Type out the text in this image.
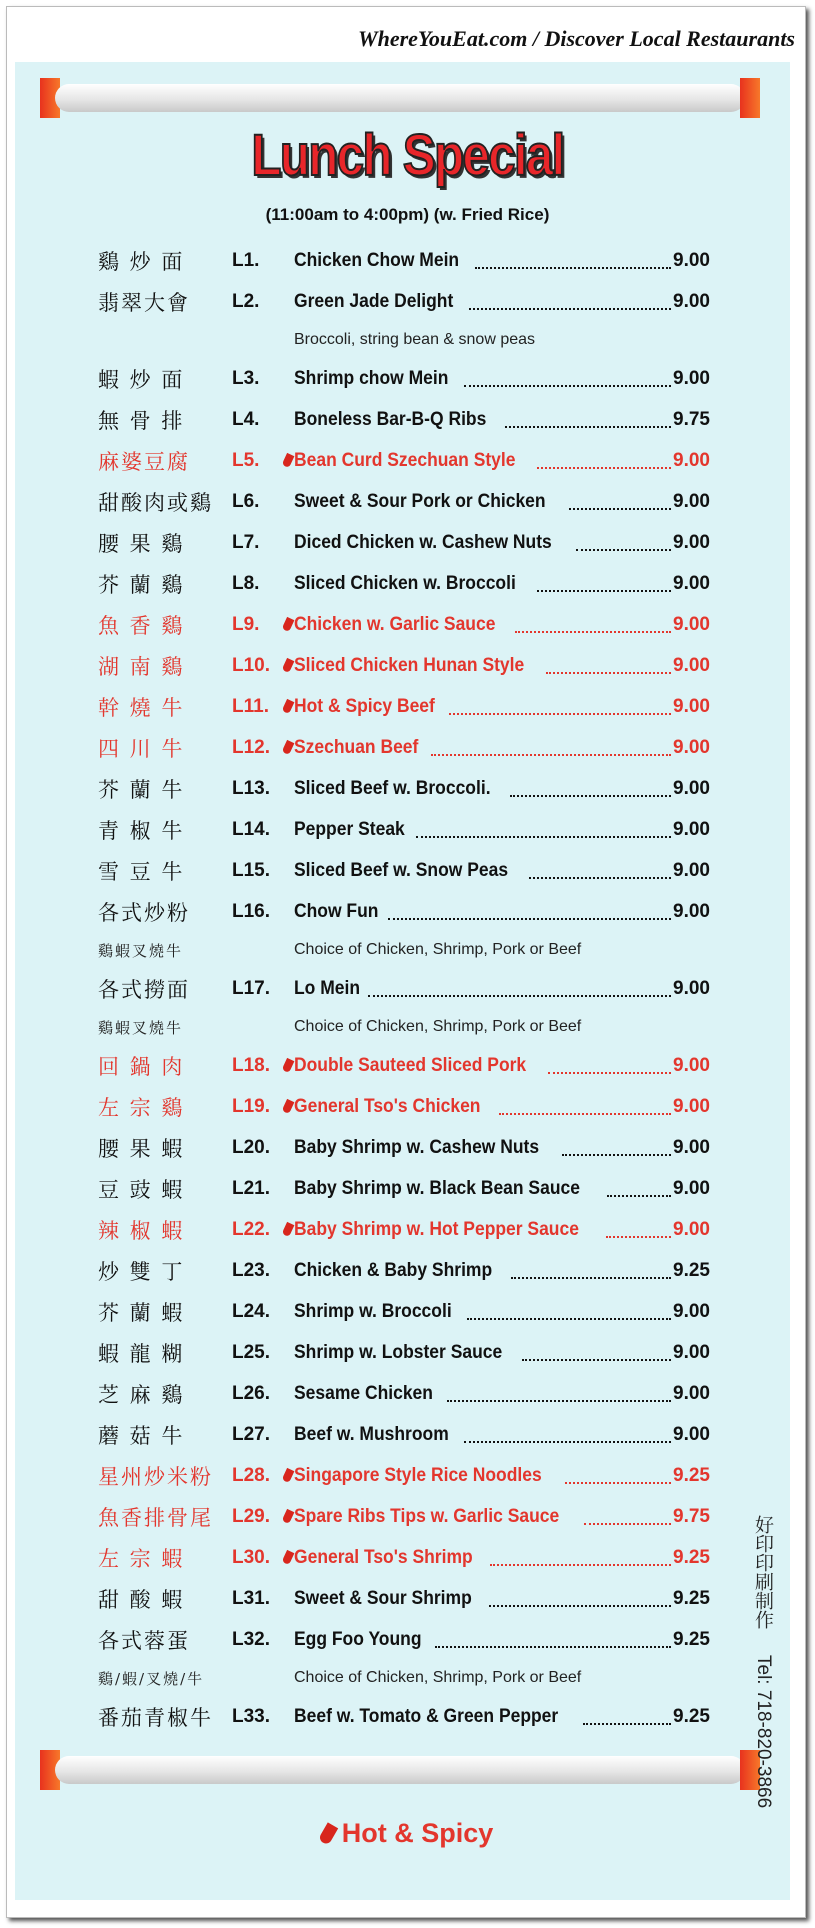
WhereYouEat.com / Discover Local Restaurants
Lunch Special
(11:00am to 4:00pm) (w. Fried Rice)
鷄 炒 面	L1.	Chicken Chow Mein	9.00
翡翠大會	L2.	Green Jade Delight	9.00
Broccoli, string bean & snow peas
蝦 炒 面	L3.	Shrimp chow Mein	9.00
無 骨 排	L4.	Boneless Bar-B-Q Ribs	9.75
麻婆豆腐	L5.	Bean Curd Szechuan Style	9.00
甜酸肉或鷄	L6.	Sweet & Sour Pork or Chicken	9.00
腰 果 鷄	L7.	Diced Chicken w. Cashew Nuts	9.00
芥 蘭 鷄	L8.	Sliced Chicken w. Broccoli	9.00
魚 香 鷄	L9.	Chicken w. Garlic Sauce	9.00
湖 南 鷄	L10.	Sliced Chicken Hunan Style	9.00
幹 燒 牛	L11.	Hot & Spicy Beef	9.00
四 川 牛	L12.	Szechuan Beef	9.00
芥 蘭 牛	L13.	Sliced Beef w. Broccoli.	9.00
青 椒 牛	L14.	Pepper Steak	9.00
雪 豆 牛	L15.	Sliced Beef w. Snow Peas	9.00
各式炒粉	L16.	Chow Fun	9.00
鷄蝦叉燒牛	Choice of Chicken, Shrimp, Pork or Beef
各式撈面	L17.	Lo Mein	9.00
鷄蝦叉燒牛	Choice of Chicken, Shrimp, Pork or Beef
回 鍋 肉	L18.	Double Sauteed Sliced Pork	9.00
左 宗 鷄	L19.	General Tso's Chicken	9.00
腰 果 蝦	L20.	Baby Shrimp w. Cashew Nuts	9.00
豆 豉 蝦	L21.	Baby Shrimp w. Black Bean Sauce	9.00
辣 椒 蝦	L22.	Baby Shrimp w. Hot Pepper Sauce	9.00
炒 雙 丁	L23.	Chicken & Baby Shrimp	9.25
芥 蘭 蝦	L24.	Shrimp w. Broccoli	9.00
蝦 龍 糊	L25.	Shrimp w. Lobster Sauce	9.00
芝 麻 鷄	L26.	Sesame Chicken	9.00
蘑 菇 牛	L27.	Beef w. Mushroom	9.00
星州炒米粉	L28.	Singapore Style Rice Noodles	9.25
魚香排骨尾	L29.	Spare Ribs Tips w. Garlic Sauce	9.75
左 宗 蝦	L30.	General Tso's Shrimp	9.25
甜 酸 蝦	L31.	Sweet & Sour Shrimp	9.25
各式蓉蛋	L32.	Egg Foo Young	9.25
鷄/蝦/叉燒/牛	Choice of Chicken, Shrimp, Pork or Beef
番茄青椒牛	L33.	Beef w. Tomato & Green Pepper	9.25
好印印刷制作
Tel: 718-820-3866
Hot & Spicy
